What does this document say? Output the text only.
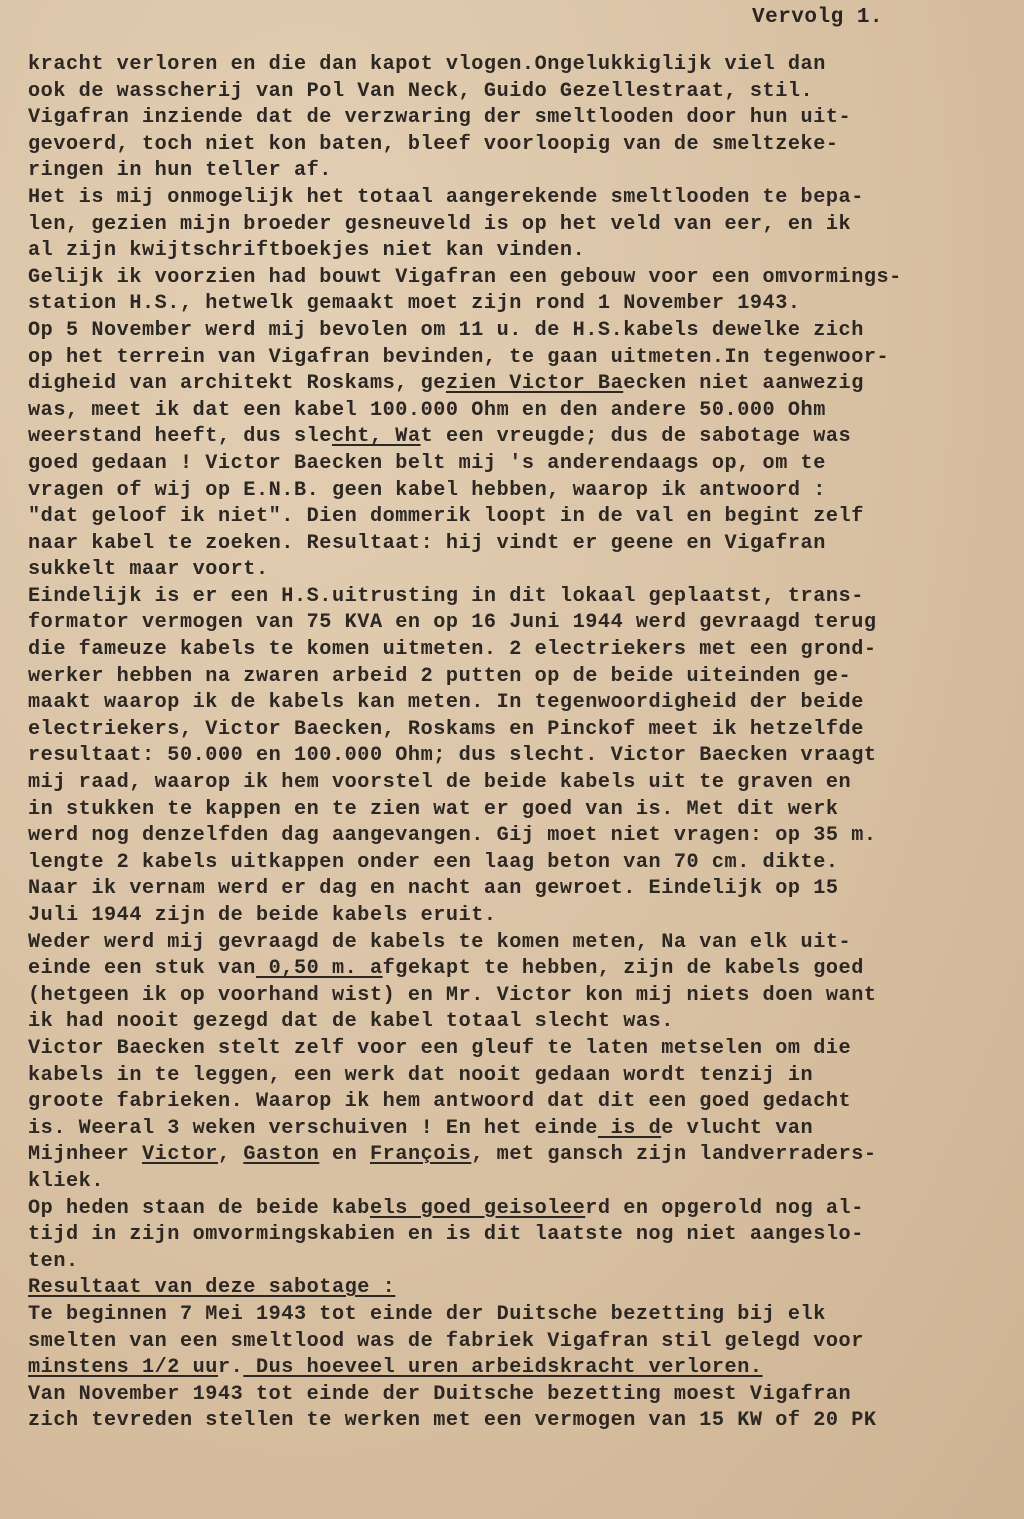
Vervolg 1.
kracht verloren en die dan kapot vlogen.Ongelukkiglijk viel dan
ook de wasscherij van Pol Van Neck, Guido Gezellestraat, stil.
Vigafran inziende dat de verzwaring der smeltlooden door hun uit-
gevoerd, toch niet kon baten, bleef voorloopig van de smeltzeke-
ringen in hun teller af.
Het is mij onmogelijk het totaal aangerekende smeltlooden te bepa-
len, gezien mijn broeder gesneuveld is op het veld van eer, en ik
al zijn kwijtschriftboekjes niet kan vinden.
Gelijk ik voorzien had bouwt Vigafran een gebouw voor een omvormings-
station H.S., hetwelk gemaakt moet zijn rond 1 November 1943.
Op 5 November werd mij bevolen om 11 u. de H.S.kabels dewelke zich
op het terrein van Vigafran bevinden, te gaan uitmeten.In tegenwoor-
digheid van architekt Roskams, gezien Victor Baecken niet aanwezig
was, meet ik dat een kabel 100.000 Ohm en den andere 50.000 Ohm
weerstand heeft, dus slecht, Wat een vreugde; dus de sabotage was
goed gedaan ! Victor Baecken belt mij 's anderendaags op, om te
vragen of wij op E.N.B. geen kabel hebben, waarop ik antwoord :
"dat geloof ik niet". Dien dommerik loopt in de val en begint zelf
naar kabel te zoeken. Resultaat: hij vindt er geene en Vigafran
sukkelt maar voort.
Eindelijk is er een H.S.uitrusting in dit lokaal geplaatst, trans-
formator vermogen van 75 KVA en op 16 Juni 1944 werd gevraagd terug
die fameuze kabels te komen uitmeten. 2 electriekers met een grond-
werker hebben na zwaren arbeid 2 putten op de beide uiteinden ge-
maakt waarop ik de kabels kan meten. In tegenwoordigheid der beide
electriekers, Victor Baecken, Roskams en Pinckof meet ik hetzelfde
resultaat: 50.000 en 100.000 Ohm; dus slecht. Victor Baecken vraagt
mij raad, waarop ik hem voorstel de beide kabels uit te graven en
in stukken te kappen en te zien wat er goed van is. Met dit werk
werd nog denzelfden dag aangevangen. Gij moet niet vragen: op 35 m.
lengte 2 kabels uitkappen onder een laag beton van 70 cm. dikte.
Naar ik vernam werd er dag en nacht aan gewroet. Eindelijk op 15
Juli 1944 zijn de beide kabels eruit.
Weder werd mij gevraagd de kabels te komen meten, Na van elk uit-
einde een stuk van 0,50 m. afgekapt te hebben, zijn de kabels goed
(hetgeen ik op voorhand wist) en Mr. Victor kon mij niets doen want
ik had nooit gezegd dat de kabel totaal slecht was.
Victor Baecken stelt zelf voor een gleuf te laten metselen om die
kabels in te leggen, een werk dat nooit gedaan wordt tenzij in
groote fabrieken. Waarop ik hem antwoord dat dit een goed gedacht
is. Weeral 3 weken verschuiven ! En het einde is de vlucht van
Mijnheer Victor, Gaston en François, met gansch zijn landverraders-
kliek.
Op heden staan de beide kabels goed geisoleerd en opgerold nog al-
tijd in zijn omvormingskabien en is dit laatste nog niet aangeslo-
ten.
Resultaat van deze sabotage :
Te beginnen 7 Mei 1943 tot einde der Duitsche bezetting bij elk
smelten van een smeltlood was de fabriek Vigafran stil gelegd voor
minstens 1/2 uur. Dus hoeveel uren arbeidskracht verloren.
Van November 1943 tot einde der Duitsche bezetting moest Vigafran
zich tevreden stellen te werken met een vermogen van 15 KW of 20 PK
